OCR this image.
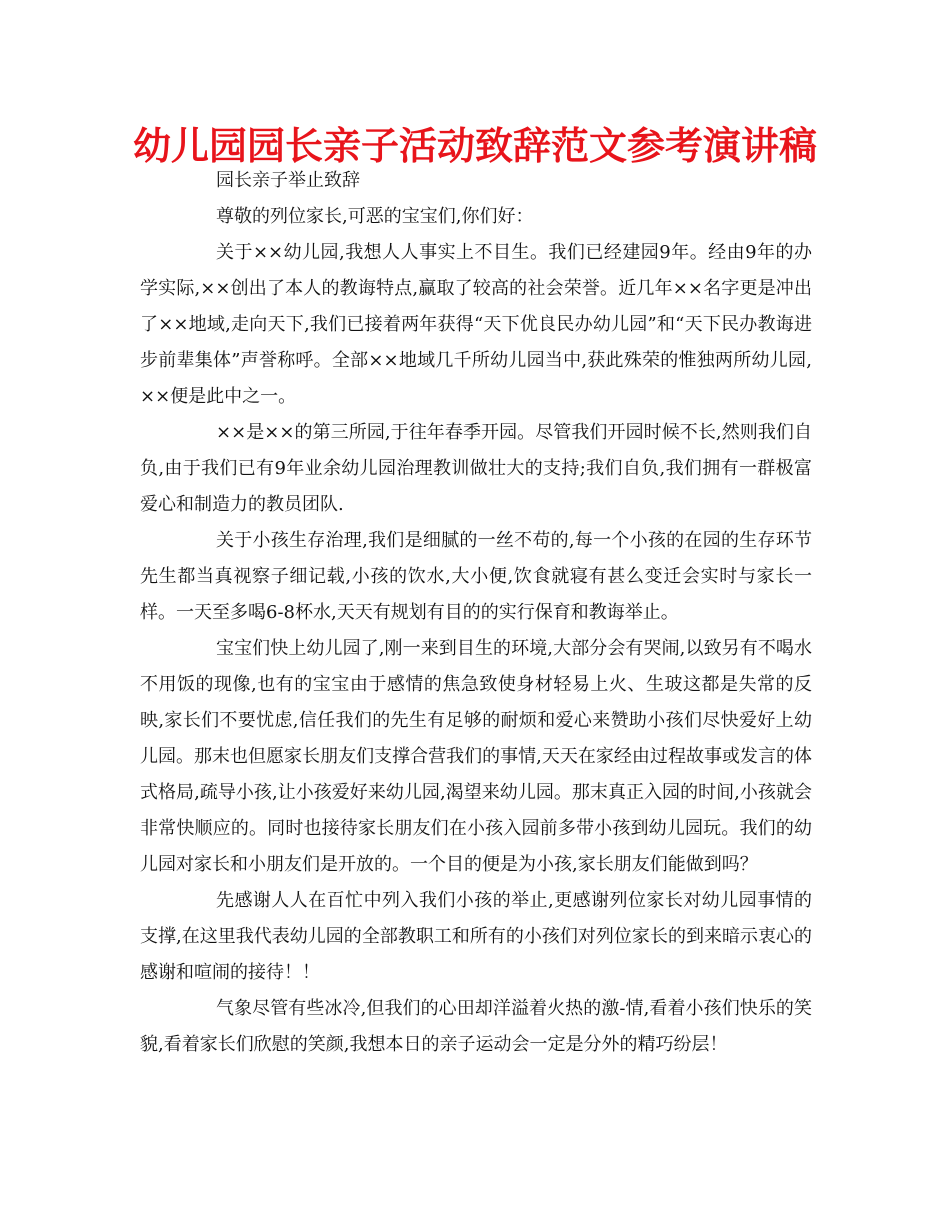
幼儿园园长亲子活动致辞范文参考演讲稿

园长亲子举止致辞

尊敬的列位家长,可恶的宝宝们,你们好：

关于××幼儿园,我想人人事实上不目生。我们已经建园9年。经由9年的办学实际,××创出了本人的教诲特点,赢取了较高的社会荣誉。近几年××名字更是冲出了××地域,走向天下,我们已接着两年获得“天下优良民办幼儿园”和“天下民办教诲进步前辈集体”声誉称呼。全部××地域几千所幼儿园当中,获此殊荣的惟独两所幼儿园,××便是此中之一。

××是××的第三所园,于往年春季开园。尽管我们开园时候不长,然则我们自负,由于我们已有9年业余幼儿园治理教训做壮大的支持;我们自负,我们拥有一群极富爱心和制造力的教员团队.

关于小孩生存治理,我们是细腻的一丝不苟的,每一个小孩的在园的生存环节先生都当真视察子细记载,小孩的饮水,大小便,饮食就寝有甚么变迁会实时与家长一样。一天至多喝6-8杯水,天天有规划有目的的实行保育和教诲举止。

宝宝们快上幼儿园了,刚一来到目生的环境,大部分会有哭闹,以致另有不喝水不用饭的现像,也有的宝宝由于感情的焦急致使身材轻易上火、生玻这都是失常的反映,家长们不要忧虑,信任我们的先生有足够的耐烦和爱心来赞助小孩们尽快爱好上幼儿园。那末也但愿家长朋友们支撑合营我们的事情,天天在家经由过程故事或发言的体式格局,疏导小孩,让小孩爱好来幼儿园,渴望来幼儿园。那末真正入园的时间,小孩就会非常快顺应的。同时也接待家长朋友们在小孩入园前多带小孩到幼儿园玩。我们的幼儿园对家长和小朋友们是开放的。一个目的便是为小孩,家长朋友们能做到吗？

先感谢人人在百忙中列入我们小孩的举止,更感谢列位家长对幼儿园事情的支撑,在这里我代表幼儿园的全部教职工和所有的小孩们对列位家长的到来暗示衷心的感谢和喧闹的接待！！

气象尽管有些冰冷,但我们的心田却洋溢着火热的激-情,看着小孩们快乐的笑貌,看着家长们欣慰的笑颜,我想本日的亲子运动会一定是分外的精巧纷层！
